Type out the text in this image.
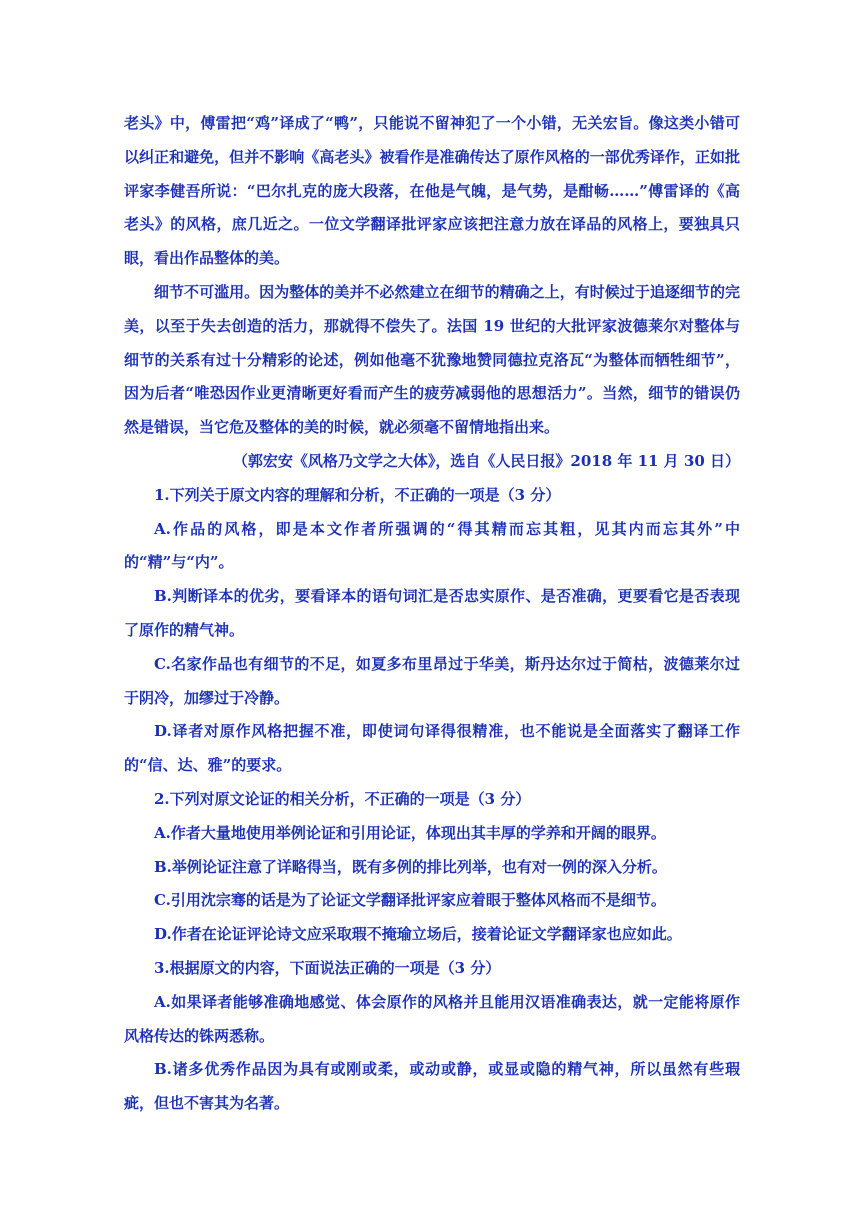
老头》中，傅雷把“鸡”译成了“鸭”，只能说不留神犯了一个小错，无关宏旨。像这类小错可以纠正和避免，但并不影响《高老头》被看作是准确传达了原作风格的一部优秀译作，正如批评家李健吾所说：“巴尔扎克的庞大段落，在他是气魄，是气势，是酣畅……”傅雷译的《高老头》的风格，庶几近之。一位文学翻译批评家应该把注意力放在译品的风格上，要独具只眼，看出作品整体的美。

细节不可滥用。因为整体的美并不必然建立在细节的精确之上，有时候过于追逐细节的完美，以至于失去创造的活力，那就得不偿失了。法国 19 世纪的大批评家波德莱尔对整体与细节的关系有过十分精彩的论述，例如他毫不犹豫地赞同德拉克洛瓦“为整体而牺牲细节”，因为后者“唯恐因作业更清晰更好看而产生的疲劳减弱他的思想活力”。当然，细节的错误仍然是错误，当它危及整体的美的时候，就必须毫不留情地指出来。

（郭宏安《风格乃文学之大体》，选自《人民日报》2018 年 11 月 30 日）

1.下列关于原文内容的理解和分析，不正确的一项是（3 分）

A.作品的风格，即是本文作者所强调的“得其精而忘其粗，见其内而忘其外”中的“精”与“内”。

B.判断译本的优劣，要看译本的语句词汇是否忠实原作、是否准确，更要看它是否表现了原作的精气神。

C.名家作品也有细节的不足，如夏多布里昂过于华美，斯丹达尔过于简枯，波德莱尔过于阴冷，加缪过于冷静。

D.译者对原作风格把握不准，即使词句译得很精准，也不能说是全面落实了翻译工作的“信、达、雅”的要求。

2.下列对原文论证的相关分析，不正确的一项是（3 分）

A.作者大量地使用举例论证和引用论证，体现出其丰厚的学养和开阔的眼界。

B.举例论证注意了详略得当，既有多例的排比列举，也有对一例的深入分析。

C.引用沈宗骞的话是为了论证文学翻译批评家应着眼于整体风格而不是细节。

D.作者在论证评论诗文应采取瑕不掩瑜立场后，接着论证文学翻译家也应如此。

3.根据原文的内容，下面说法正确的一项是（3 分）

A.如果译者能够准确地感觉、体会原作的风格并且能用汉语准确表达，就一定能将原作风格传达的铢两悉称。

B.诸多优秀作品因为具有或刚或柔，或动或静，或显或隐的精气神，所以虽然有些瑕疵，但也不害其为名著。
